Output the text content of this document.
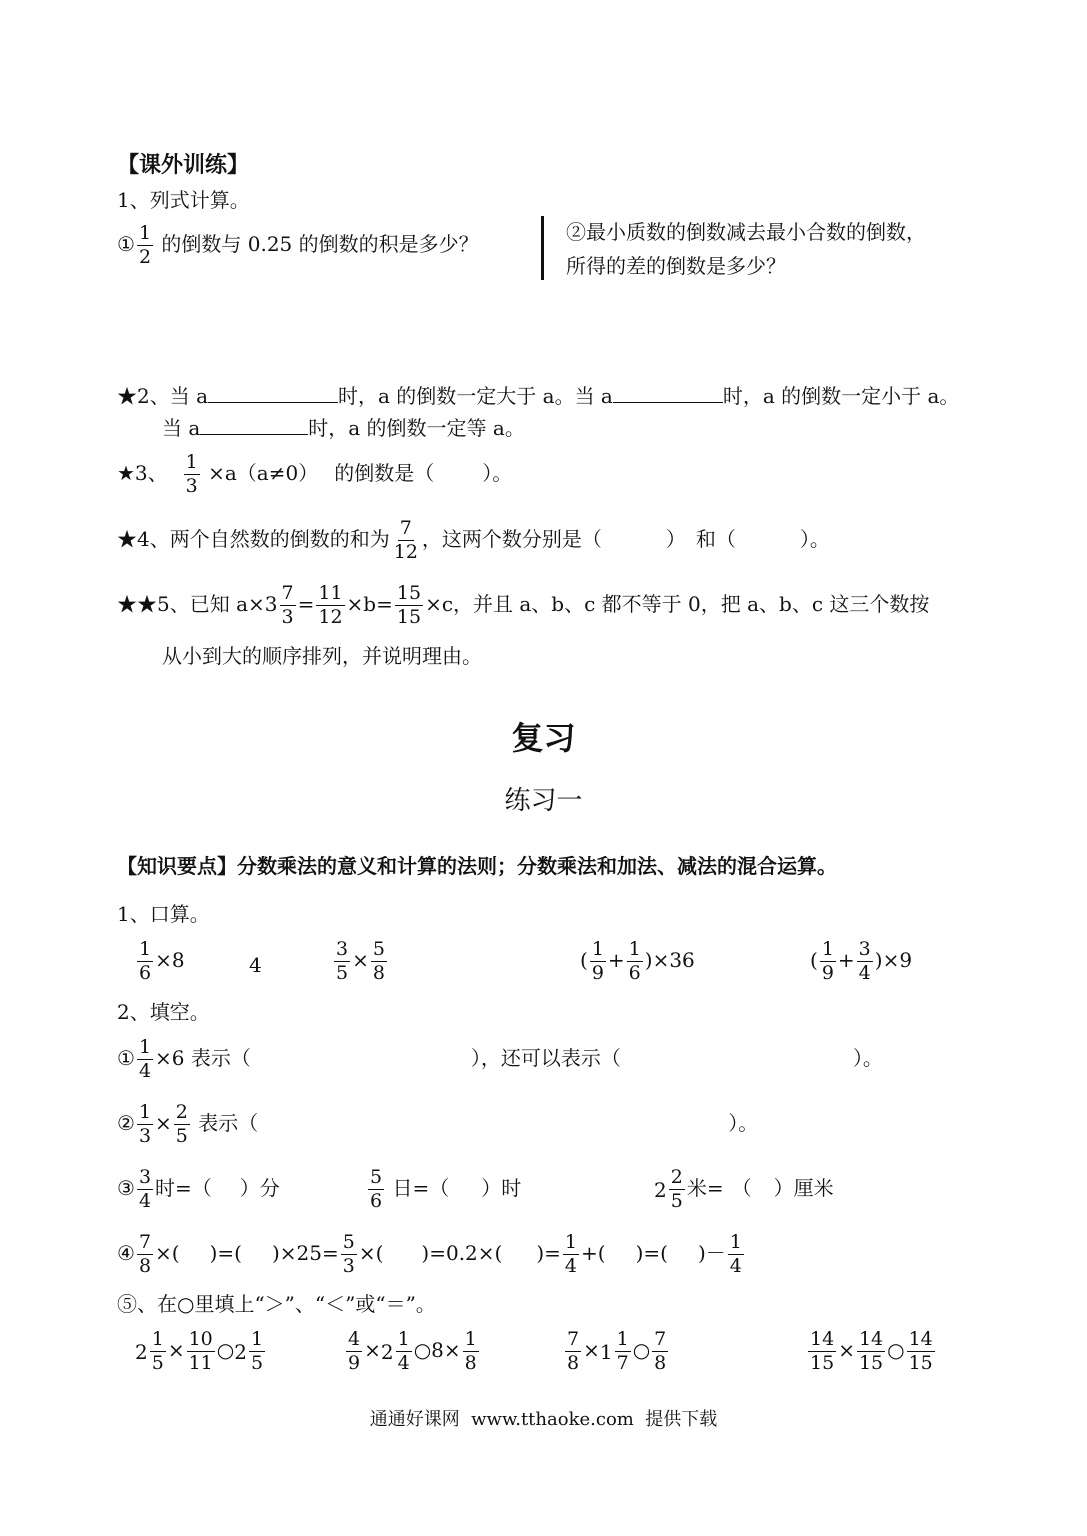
【课外训练】
1、列式计算。
① $\frac{1}{2}$ 的倒数与 0.25 的倒数的积是多少？	②最小质数的倒数减去最小合数的倒数，
所得的差的倒数是多少？
★2、当 a	时，a 的倒数一定大于 a。当 a	时，a 的倒数一定小于 a。
当 a	时，a 的倒数一定等 a。
★3、 $\frac{1}{3} \times a(a\ne 0)$ 的倒数是（ ）。
★4、两个自然数的倒数的和为 $\frac{7}{12}$ ，这两个数分别是（	） 和（	）。
★★5、已知 $a\times 3 \frac{7}{3} = \frac{11}{12} \times b= \frac{15}{15} \times c$，并且 a、b、c 都不等于 0，把 a、b、c 这三个数按
从小到大的顺序排列，并说明理由。
复习
练习一
【知识要点】分数乘法的意义和计算的法则；分数乘法和加法、减法的混合运算。
1、口算。
$\frac{1}{6} \times 8$	4	$\frac{3}{5} \times \frac{5}{8}$	( $\frac{1}{9} + \frac{1}{6} )\times 36$	( $\frac{1}{9} + \frac{3}{4} )\times 9$
2、填空。
① $\frac{1}{4} \times 6$ 表示（	），还可以表示（	）。
② $\frac{1}{3} \times \frac{2}{5}$ 表示（	）。
③ $\frac{3}{4}$ 时=（ ）分	$\frac{5}{6}$ 日=（ ）时	$2 \frac{2}{5}$ 米= （ ）厘米
④ $\frac{7}{8}$ ×( )=( )$\times 25= \frac{5}{3}$ ×( )=0.2×( )= $\frac{1}{4}$ +( )=( )－ $\frac{1}{4}$
⑤、在○里填上“＞”、“＜”或“＝”。
$2 \frac{1}{5} \times \frac{10}{11}$ ○ $2 \frac{1}{5}$	$\frac{4}{9} \times 2 \frac{1}{4}$ ○8× $\frac{1}{8}$	$\frac{7}{8} \times 1 \frac{1}{7}$ ○ $\frac{7}{8}$	$\frac{14}{15} \times \frac{14}{15}$ ○ $\frac{14}{15}$
通通好课网  www.tthaoke.com  提供下载
